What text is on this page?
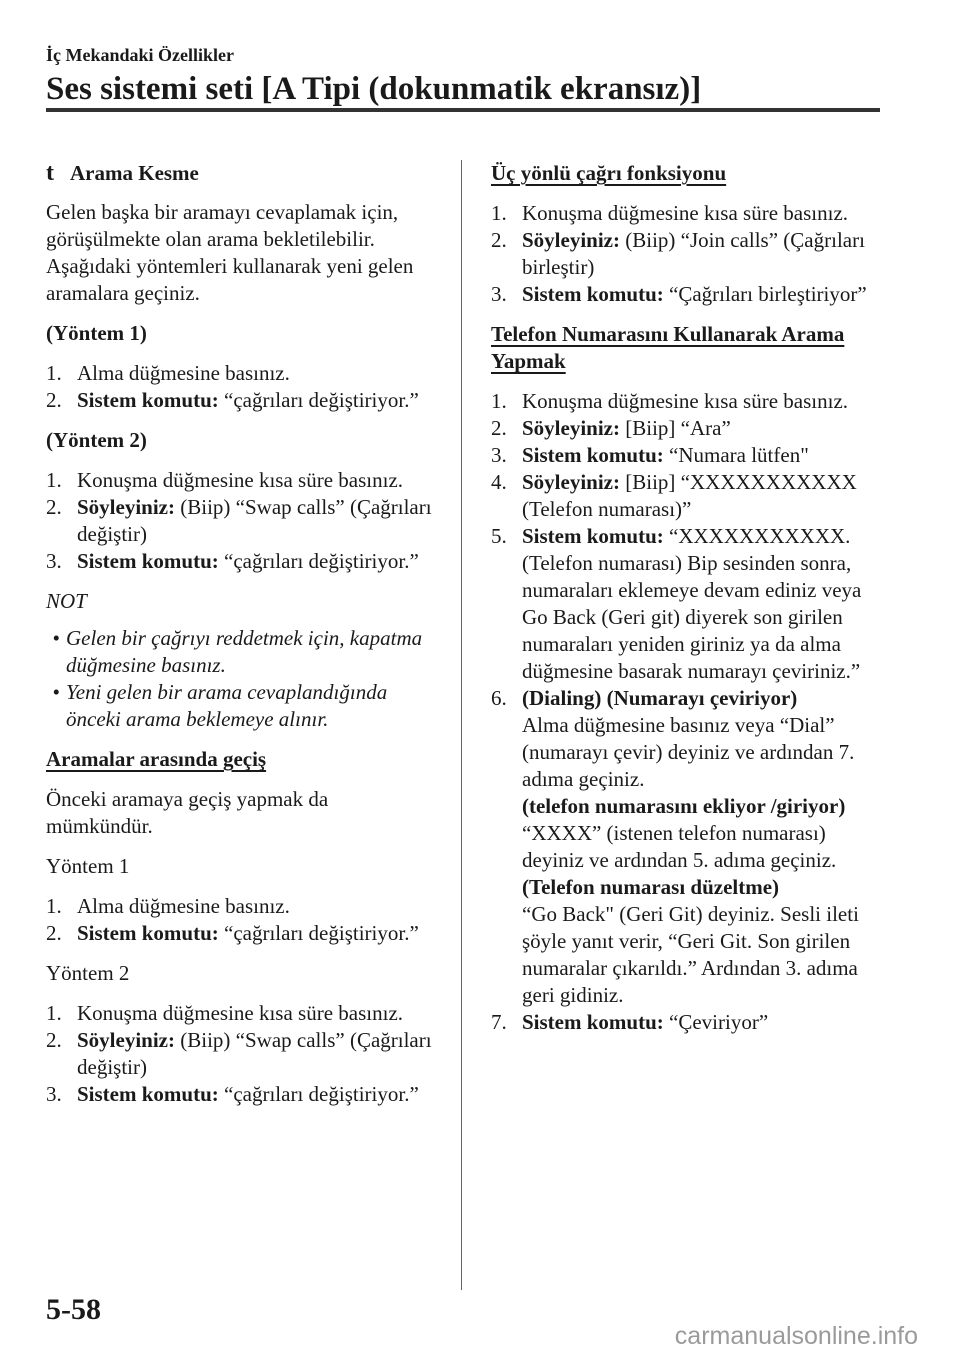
İç Mekandaki Özellikler
Ses sistemi seti [A Tipi (dokunmatik ekransız)]
t Arama Kesme

Gelen başka bir aramayı cevaplamak için, görüşülmekte olan arama bekletilebilir. Aşağıdaki yöntemleri kullanarak yeni gelen aramalara geçiniz.

(Yöntem 1)

1. Alma düğmesine basınız.
2. Sistem komutu: “çağrıları değiştiriyor.”

(Yöntem 2)

1. Konuşma düğmesine kısa süre basınız.
2. Söyleyiniz: (Biip) “Swap calls” (Çağrıları değiştir)
3. Sistem komutu: “çağrıları değiştiriyor.”

NOT

• Gelen bir çağrıyı reddetmek için, kapatma düğmesine basınız.
• Yeni gelen bir arama cevaplandığında önceki arama beklemeye alınır.

Aramalar arasında geçiş

Önceki aramaya geçiş yapmak da mümkündür.

Yöntem 1

1. Alma düğmesine basınız.
2. Sistem komutu: “çağrıları değiştiriyor.”

Yöntem 2

1. Konuşma düğmesine kısa süre basınız.
2. Söyleyiniz: (Biip) “Swap calls” (Çağrıları değiştir)
3. Sistem komutu: “çağrıları değiştiriyor.”

Üç yönlü çağrı fonksiyonu

1. Konuşma düğmesine kısa süre basınız.
2. Söyleyiniz: (Biip) “Join calls” (Çağrıları birleştir)
3. Sistem komutu: “Çağrıları birleştiriyor”

Telefon Numarasını Kullanarak Arama Yapmak

1. Konuşma düğmesine kısa süre basınız.
2. Söyleyiniz: [Biip] “Ara”
3. Sistem komutu: “Numara lütfen"
4. Söyleyiniz: [Biip] “XXXXXXXXXXX (Telefon numarası)”
5. Sistem komutu: “XXXXXXXXXXX. (Telefon numarası) Bip sesinden sonra, numaraları eklemeye devam ediniz veya Go Back (Geri git) diyerek son girilen numaraları yeniden giriniz ya da alma düğmesine basarak numarayı çeviriniz.”
6. (Dialing) (Numarayı çeviriyor)
Alma düğmesine basınız veya “Dial” (numarayı çevir) deyiniz ve ardından 7. adıma geçiniz.
(telefon numarasını ekliyor /giriyor)
“XXXX” (istenen telefon numarası) deyiniz ve ardından 5. adıma geçiniz.
(Telefon numarası düzeltme)
“Go Back" (Geri Git) deyiniz. Sesli ileti şöyle yanıt verir, “Geri Git. Son girilen numaralar çıkarıldı.” Ardından 3. adıma geri gidiniz.
7. Sistem komutu: “Çeviriyor”
5-58
carmanualsonline.info
